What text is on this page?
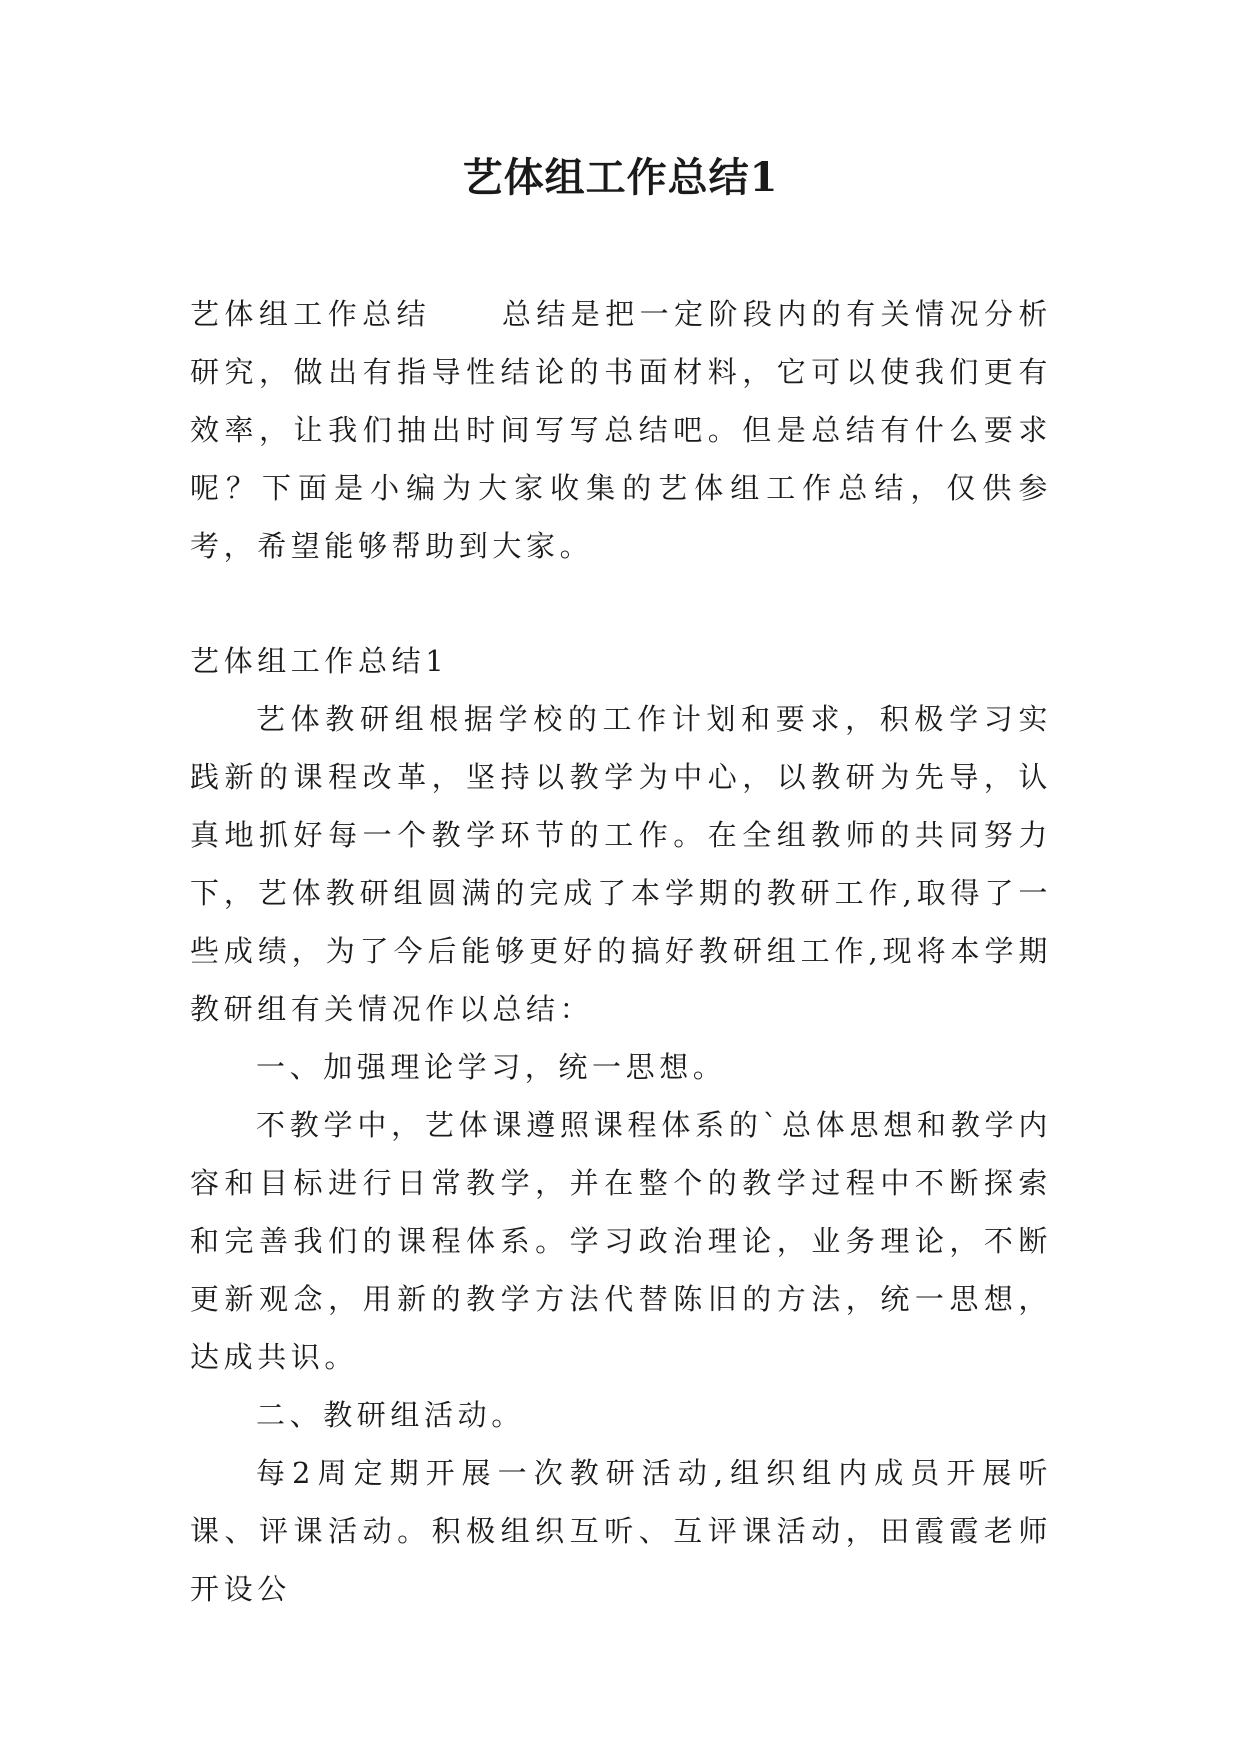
艺体组工作总结1

艺体组工作总结 总结是把一定阶段内的有关情况分析研究，做出有指导性结论的书面材料，它可以使我们更有效率，让我们抽出时间写写总结吧。但是总结有什么要求呢？下面是小编为大家收集的艺体组工作总结，仅供参考，希望能够帮助到大家。

艺体组工作总结1

艺体教研组根据学校的工作计划和要求，积极学习实践新的课程改革，坚持以教学为中心，以教研为先导，认真地抓好每一个教学环节的工作。在全组教师的共同努力下，艺体教研组圆满的完成了本学期的教研工作,取得了一些成绩，为了今后能够更好的搞好教研组工作,现将本学期教研组有关情况作以总结：

一、加强理论学习，统一思想。

不教学中，艺体课遵照课程体系的`总体思想和教学内容和目标进行日常教学，并在整个的教学过程中不断探索和完善我们的课程体系。学习政治理论，业务理论，不断更新观念，用新的教学方法代替陈旧的方法，统一思想，达成共识。

二、教研组活动。

每2周定期开展一次教研活动,组织组内成员开展听课、评课活动。积极组织互听、互评课活动，田霞霞老师开设公
